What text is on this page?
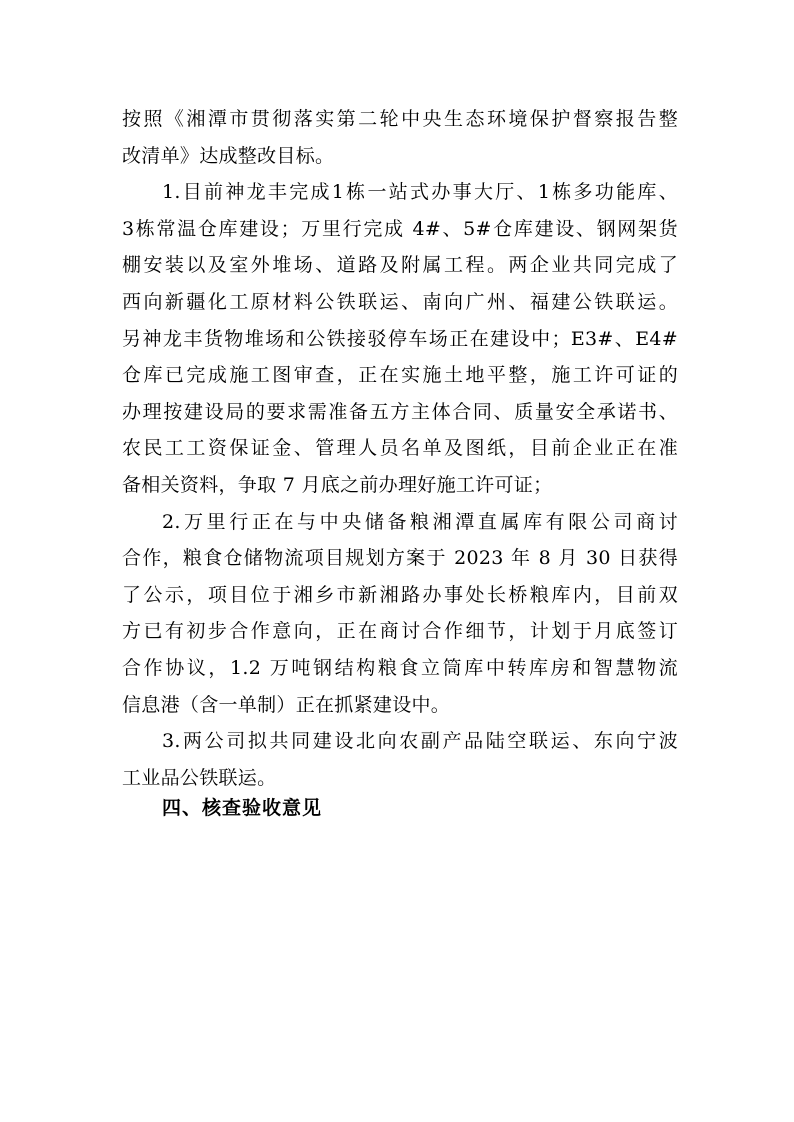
按照《湘潭市贯彻落实第二轮中央生态环境保护督察报告整
改清单》达成整改目标。
1.目前神龙丰完成1栋一站式办事大厅、1栋多功能库、
3栋常温仓库建设；万里行完成 4#、5#仓库建设、钢网架货
棚安装以及室外堆场、道路及附属工程。两企业共同完成了
西向新疆化工原材料公铁联运、南向广州、福建公铁联运。
另神龙丰货物堆场和公铁接驳停车场正在建设中；E3#、E4#
仓库已完成施工图审查，正在实施土地平整，施工许可证的
办理按建设局的要求需准备五方主体合同、质量安全承诺书、
农民工工资保证金、管理人员名单及图纸，目前企业正在准
备相关资料，争取 7 月底之前办理好施工许可证；
2.万里行正在与中央储备粮湘潭直属库有限公司商讨
合作，粮食仓储物流项目规划方案于 2023 年 8 月 30 日获得
了公示，项目位于湘乡市新湘路办事处长桥粮库内，目前双
方已有初步合作意向，正在商讨合作细节，计划于月底签订
合作协议，1.2 万吨钢结构粮食立筒库中转库房和智慧物流
信息港（含一单制）正在抓紧建设中。
3.两公司拟共同建设北向农副产品陆空联运、东向宁波
工业品公铁联运。
四、核查验收意见
